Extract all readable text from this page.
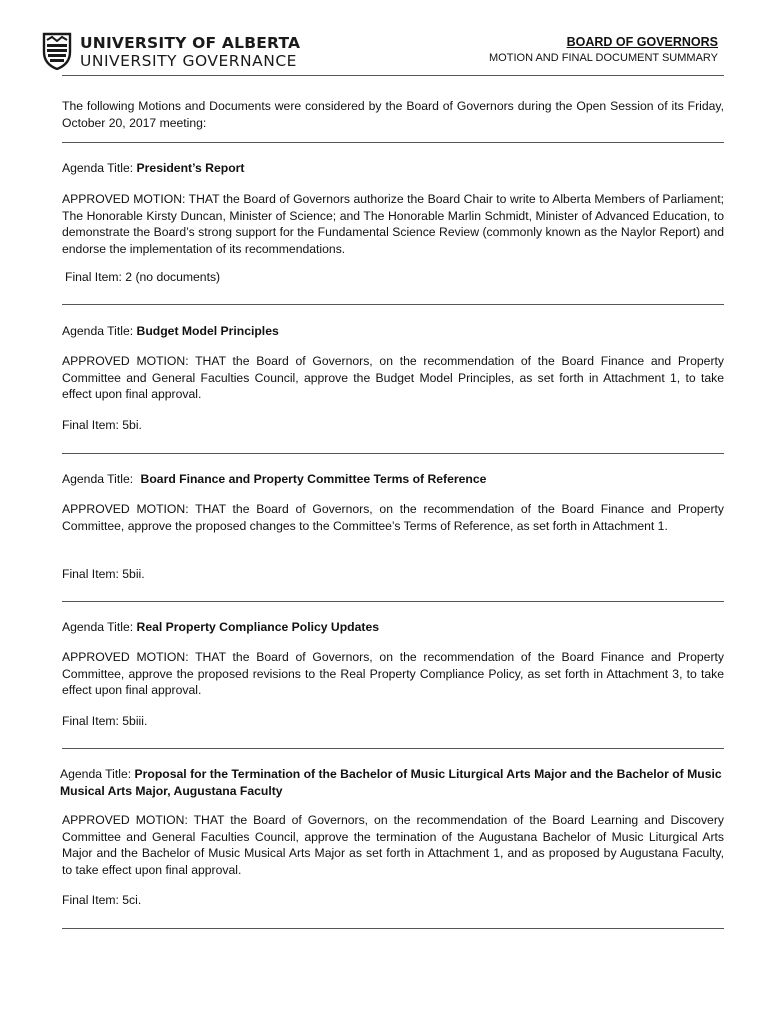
UNIVERSITY OF ALBERTA
UNIVERSITY GOVERNANCE
BOARD OF GOVERNORS
MOTION AND FINAL DOCUMENT SUMMARY
The following Motions and Documents were considered by the Board of Governors during the Open Session of its Friday, October 20, 2017 meeting:
Agenda Title: President’s Report
APPROVED MOTION: THAT the Board of Governors authorize the Board Chair to write to Alberta Members of Parliament; The Honorable Kirsty Duncan, Minister of Science; and The Honorable Marlin Schmidt, Minister of Advanced Education, to demonstrate the Board’s strong support for the Fundamental Science Review (commonly known as the Naylor Report) and endorse the implementation of its recommendations.
Final Item: 2 (no documents)
Agenda Title: Budget Model Principles
APPROVED MOTION: THAT the Board of Governors, on the recommendation of the Board Finance and Property Committee and General Faculties Council, approve the Budget Model Principles, as set forth in Attachment 1, to take effect upon final approval.
Final Item: 5bi.
Agenda Title: Board Finance and Property Committee Terms of Reference
APPROVED MOTION: THAT the Board of Governors, on the recommendation of the Board Finance and Property Committee, approve the proposed changes to the Committee’s Terms of Reference, as set forth in Attachment 1.
Final Item: 5bii.
Agenda Title: Real Property Compliance Policy Updates
APPROVED MOTION: THAT the Board of Governors, on the recommendation of the Board Finance and Property Committee, approve the proposed revisions to the Real Property Compliance Policy, as set forth in Attachment 3, to take effect upon final approval.
Final Item: 5biii.
Agenda Title: Proposal for the Termination of the Bachelor of Music Liturgical Arts Major and the Bachelor of Music Musical Arts Major, Augustana Faculty
APPROVED MOTION: THAT the Board of Governors, on the recommendation of the Board Learning and Discovery Committee and General Faculties Council, approve the termination of the Augustana Bachelor of Music Liturgical Arts Major and the Bachelor of Music Musical Arts Major as set forth in Attachment 1, and as proposed by Augustana Faculty, to take effect upon final approval.
Final Item: 5ci.
